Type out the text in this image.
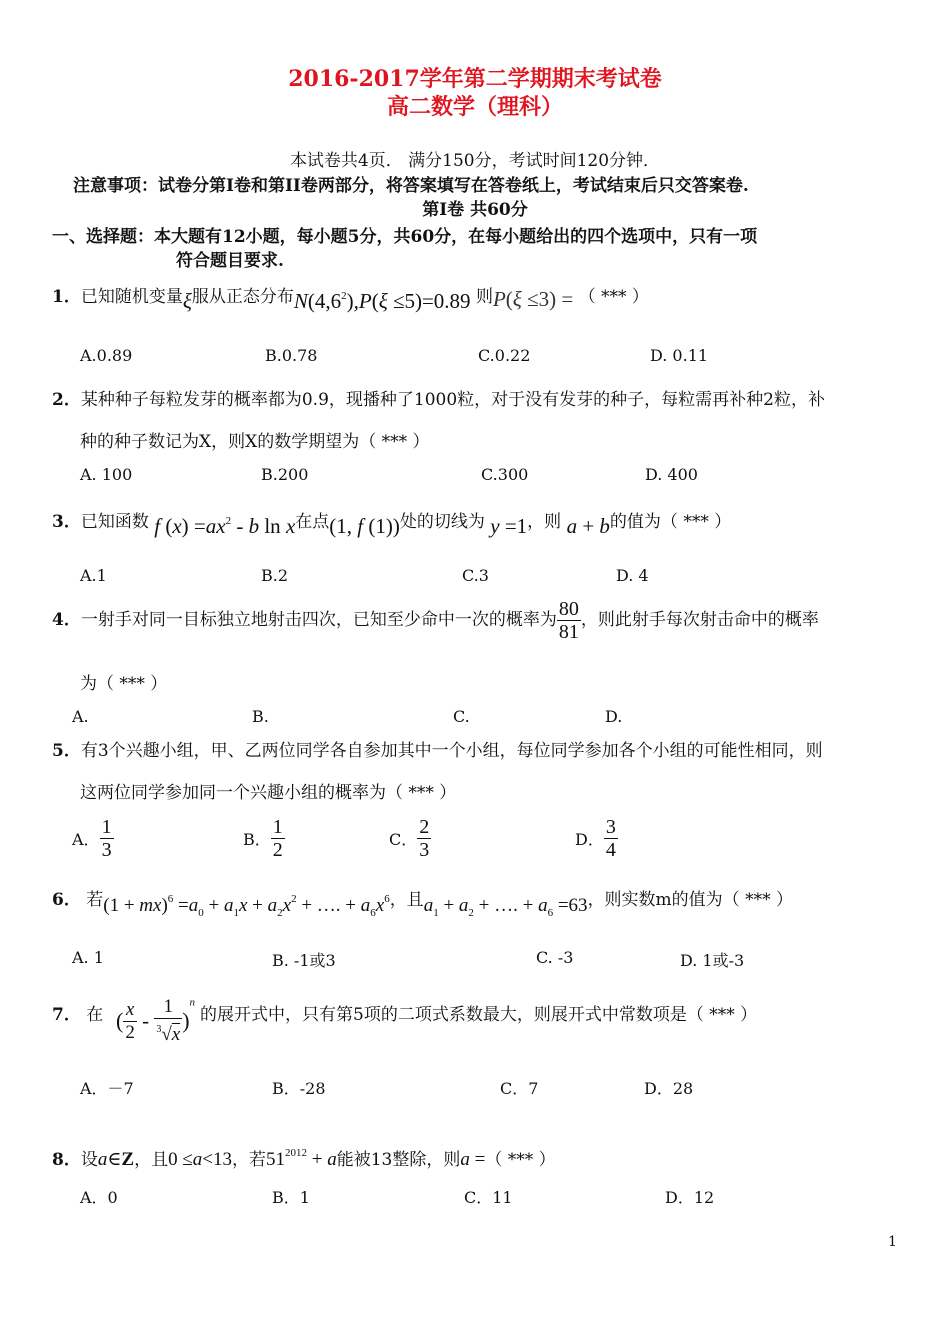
2016-2017学年第二学期期末考试卷
高二数学（理科）
本试卷共4页． 满分150分，考试时间120分钟．
注意事项：试卷分第Ⅰ卷和第II卷两部分，将答案填写在答卷纸上，考试结束后只交答案卷.
第Ⅰ卷 共60分
一、选择题：本大题有12小题，每小题5分，共60分，在每小题给出的四个选项中，只有一项
符合题目要求.
1．已知随机变量ξ服从正态分布$N(4,6^2),P(\xi \le 5)=0.89$ 则P(ξ ≤3) = （ *** ）
A.0.89	B.0.78	C.0.22	D. 0.11
2．某种种子每粒发芽的概率都为0.9，现播种了1000粒，对于没有发芽的种子，每粒需再补种2粒，补
种的种子数记为X，则X的数学期望为（ *** ）
A. 100	B.200	C.300	D. 400
3．已知函数 f $(x) =ax^2 - b$ ln x在点(1, f (1))处的切线为 y =1，则 a + b的值为（ *** ）
A.1	B.2	C.3	D. 4
4．一射手对同一目标独立地射击四次，已知至少命中一次的概率为 $\frac{80}{81}$ ，则此射手每次射击命中的概率
为（ *** ）
A.	B.	C.	D.
5．有3个兴趣小组，甲、乙两位同学各自参加其中一个小组，每位同学参加各个小组的可能性相同，则
这两位同学参加同一个兴趣小组的概率为（ *** ）
A． $\frac{1}{3}$	B． $\frac{1}{2}$	C． $\frac{2}{3}$	D． $\frac{3}{4}$
6． 若$(1 + mx)^6 =a_0 + a_1x + a_2x^2$ + …. + $a_6x^6$，且$a_1 + a_2$ + …. + $a_6 =63$，则实数m的值为（ *** ）
A. 1	B. -1或3	C. -3	D. 1或-3
7． 在 ( $\frac{x}{2} - \frac{1}{^3√x} )^n$
的展开式中，只有第5项的二项式系数最大，则展开式中常数项是（ *** ）
A．－7	B．-28	C．7	D．28
8．设a∈Z，且0 ≤a<13，若$51^{2012} + a$能被13整除，则a =（ *** ）
A．0	B．1	C．11	D．12
1
